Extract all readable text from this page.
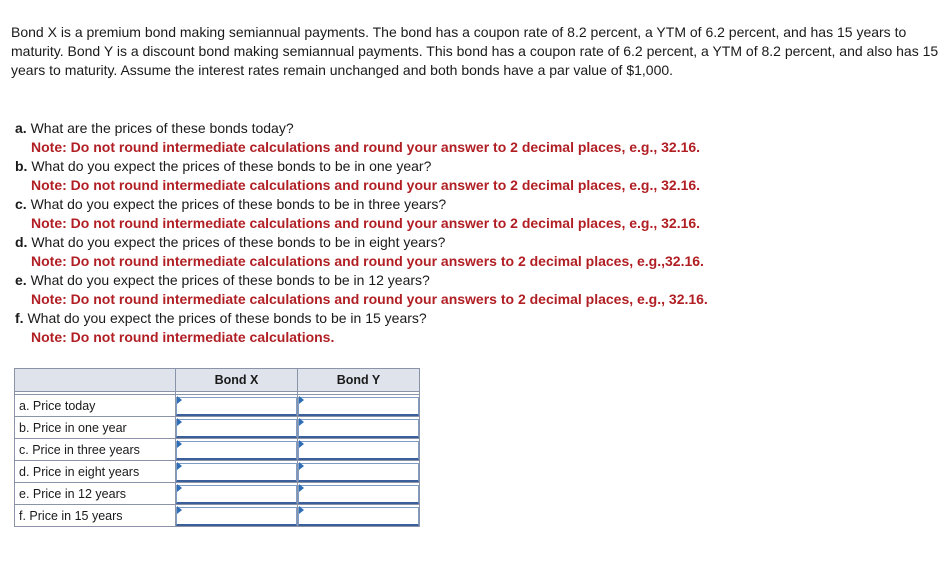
Bond X is a premium bond making semiannual payments. The bond has a coupon rate of 8.2 percent, a YTM of 6.2 percent, and has 15 years to maturity. Bond Y is a discount bond making semiannual payments. This bond has a coupon rate of 6.2 percent, a YTM of 8.2 percent, and also has 15 years to maturity. Assume the interest rates remain unchanged and both bonds have a par value of $1,000.

a. What are the prices of these bonds today?

Note: Do not round intermediate calculations and round your answer to 2 decimal places, e.g., 32.16.

b. What do you expect the prices of these bonds to be in one year?

Note: Do not round intermediate calculations and round your answer to 2 decimal places, e.g., 32.16.

c. What do you expect the prices of these bonds to be in three years?

Note: Do not round intermediate calculations and round your answer to 2 decimal places, e.g., 32.16.

d. What do you expect the prices of these bonds to be in eight years?

Note: Do not round intermediate calculations and round your answers to 2 decimal places, e.g.,32.16.

e. What do you expect the prices of these bonds to be in 12 years?

Note: Do not round intermediate calculations and round your answers to 2 decimal places, e.g., 32.16.

f. What do you expect the prices of these bonds to be in 15 years?

Note: Do not round intermediate calculations.

	Bond X	Bond Y

a. Price today	

b. Price in one year	

c. Price in three years	

d. Price in eight years	

e. Price in 12 years	

f. Price in 15 years	
